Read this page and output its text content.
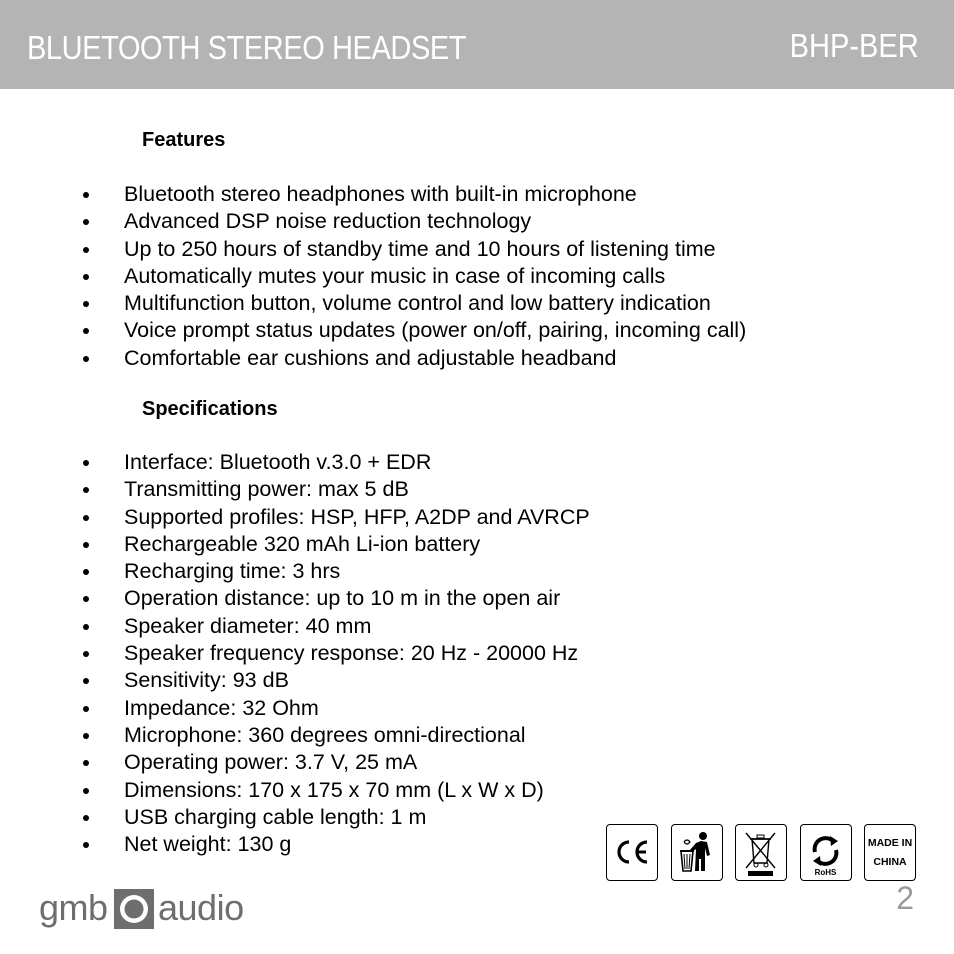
BLUETOOTH STEREO HEADSET	BHP-BER
Features
Bluetooth stereo headphones with built-in microphone
Advanced DSP noise reduction technology
Up to 250 hours of standby time and 10 hours of listening time
Automatically mutes your music in case of incoming calls
Multifunction button, volume control and low battery indication
Voice prompt status updates (power on/off, pairing, incoming call)
Comfortable ear cushions and adjustable headband
Specifications
Interface: Bluetooth v.3.0 + EDR
Transmitting power: max 5 dB
Supported profiles: HSP, HFP, A2DP and AVRCP
Rechargeable 320 mAh Li-ion battery
Recharging time: 3 hrs
Operation distance: up to 10 m in the open air
Speaker diameter: 40 mm
Speaker frequency response: 20 Hz - 20000 Hz
Sensitivity: 93 dB
Impedance: 32 Ohm
Microphone: 360 degrees omni-directional
Operating power: 3.7 V, 25 mA
Dimensions: 170 x 175 x 70 mm (L x W x D)
USB charging cable length: 1 m
Net weight: 130 g
RoHS
MADE IN
CHINA
2
gmb audio
